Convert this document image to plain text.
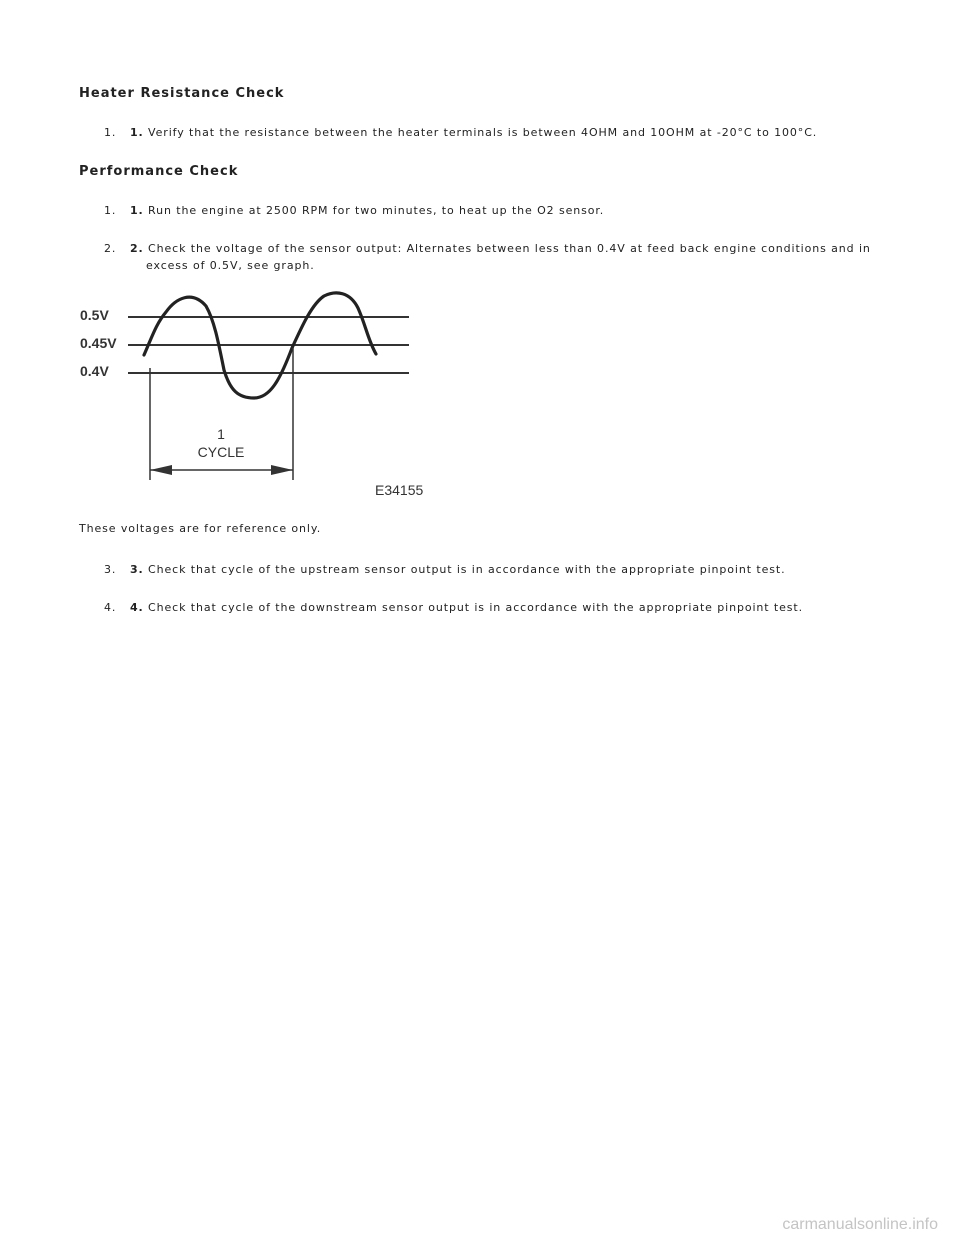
Heater Resistance Check
1. 1. Verify that the resistance between the heater terminals is between 4OHM and 10OHM at -20°C to 100°C.
Performance Check
1. 1. Run the engine at 2500 RPM for two minutes, to heat up the O2 sensor.
2. 2. Check the voltage of the sensor output: Alternates between less than 0.4V at feed back engine conditions and in
excess of 0.5V, see graph.
0.5V
0.45V
0.4V
1
CYCLE
E34155
These voltages are for reference only.
3. 3. Check that cycle of the upstream sensor output is in accordance with the appropriate pinpoint test.
4. 4. Check that cycle of the downstream sensor output is in accordance with the appropriate pinpoint test.
carmanualsonline.info
